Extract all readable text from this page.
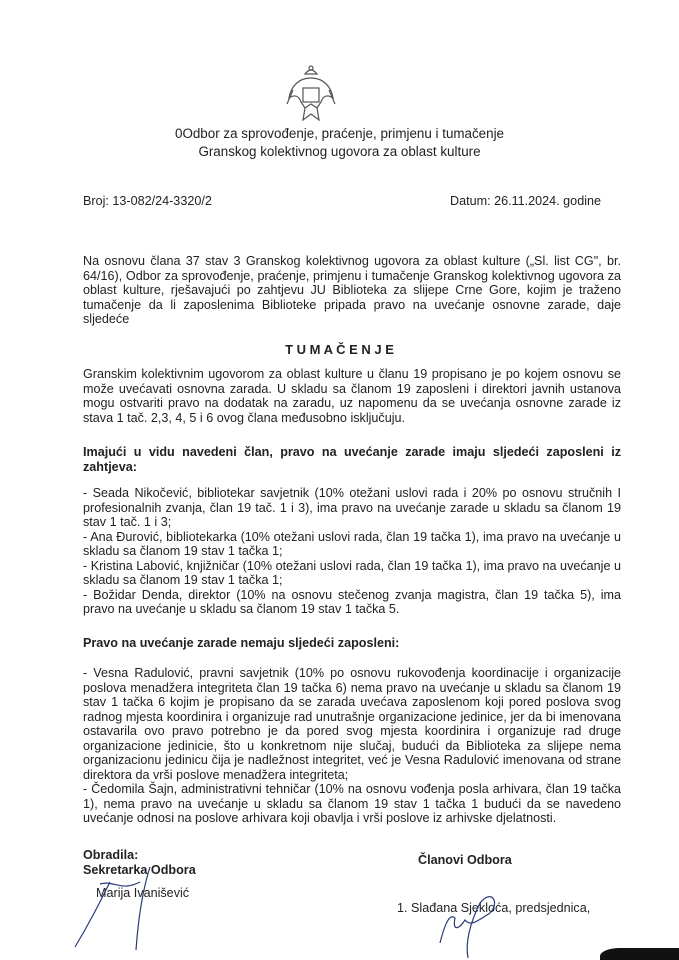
0Odbor za sprovođenje, praćenje, primjenu i tumačenje
Granskog kolektivnog ugovora za oblast kulture
Broj: 13-082/24-3320/2	Datum: 26.11.2024. godine
Na osnovu člana 37 stav 3 Granskog kolektivnog ugovora za oblast kulture („Sl. list CG", br. 64/16), Odbor za sprovođenje, praćenje, primjenu i tumačenje Granskog kolektivnog ugovora za oblast kulture, rješavajući po zahtjevu JU Biblioteka za slijepe Crne Gore, kojim je traženo tumačenje da li zaposlenima Biblioteke pripada pravo na uvećanje osnovne zarade, daje sljedeće
T U M A Č E N J E
Granskim kolektivnim ugovorom za oblast kulture u članu 19 propisano je po kojem osnovu se može uvećavati osnovna zarada. U skladu sa članom 19 zaposleni i direktori javnih ustanova mogu ostvariti pravo na dodatak na zaradu, uz napomenu da se uvećanja osnovne zarade iz stava 1 tač. 2,3, 4, 5 i 6 ovog člana međusobno isključuju.
Imajući u vidu navedeni član, pravo na uvećanje zarade imaju sljedeći zaposleni iz zahtjeva:
- Seada Nikočević, bibliotekar savjetnik (10% otežani uslovi rada i 20% po osnovu stručnih I profesionalnih zvanja, član 19 tač. 1 i 3), ima pravo na uvećanje zarade u skladu sa članom 19 stav 1 tač. 1 i 3;
- Ana Đurović, bibliotekarka (10% otežani uslovi rada, član 19 tačka 1), ima pravo na uvećanje u skladu sa članom 19 stav 1 tačka 1;
- Kristina Labović, knjižničar (10% otežani uslovi rada, član 19 tačka 1), ima pravo na uvećanje u skladu sa članom 19 stav 1 tačka 1;
- Božidar Denda, direktor (10% na osnovu stečenog zvanja magistra, član 19 tačka 5), ima pravo na uvećanje u skladu sa članom 19 stav 1 tačka 5.
Pravo na uvećanje zarade nemaju sljedeći zaposleni:
- Vesna Radulović, pravni savjetnik (10% po osnovu rukovođenja koordinacije i organizacije poslova menadžera integriteta član 19 tačka 6) nema pravo na uvećanje u skladu sa članom 19 stav 1 tačka 6 kojim je propisano da se zarada uvećava zaposlenom koji pored poslova svog radnog mjesta koordinira i organizuje rad unutrašnje organizacione jedinice, jer da bi imenovana ostavarila ovo pravo potrebno je da pored svog mjesta koordinira i organizuje rad druge organizacione jedinicie, što u konkretnom nije slučaj, budući da Biblioteka za slijepe nema organizacionu jedinicu čija je nadležnost integritet, već je Vesna Radulović imenovana od strane direktora da vrši poslove menadžera integriteta;
- Čedomila Šajn, administrativni tehničar (10% na osnovu vođenja posla arhivara, član 19 tačka 1), nema pravo na uvećanje u skladu sa članom 19 stav 1 tačka 1 budući da se navedeno uvećanje odnosi na poslove arhivara koji obavlja i vrši poslove iz arhivske djelatnosti.
Obradila:
Sekretarka Odbora
Marija Ivanišević
Članovi Odbora
1. Slađana Sjekloća, predsjednica,
